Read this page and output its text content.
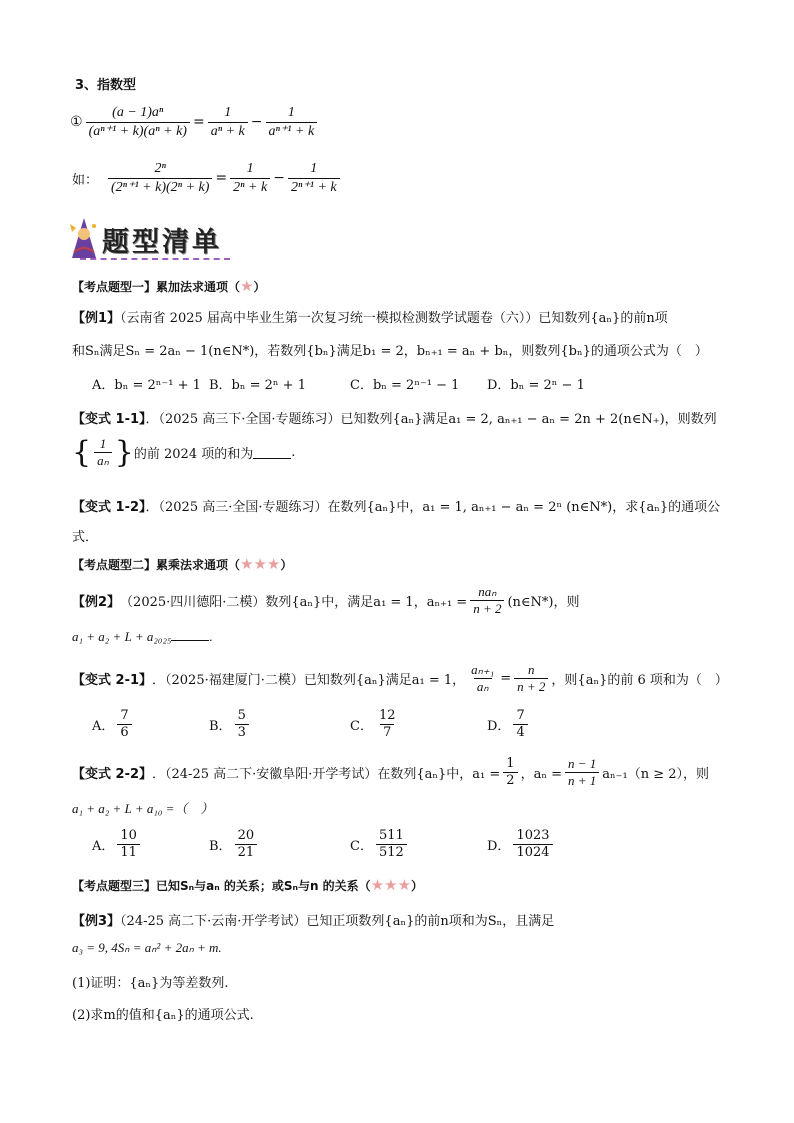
3、指数型
① $\frac{\text{(a − 1)aⁿ}}{\text{(aⁿ⁺¹ + k)(aⁿ + k)}} = \frac{1}{\text{aⁿ + k}} - \frac{1}{\text{aⁿ⁺¹ + k}}$
如： $\frac{\text{2ⁿ}}{\text{(2ⁿ⁺¹ + k)(2ⁿ + k)}} = \frac{1}{\text{2ⁿ + k}} - \frac{1}{\text{2ⁿ⁺¹ + k}}$
题型清单
【考点题型一】累加法求通项（★）
【例1】（云南省 2025 届高中毕业生第一次复习统一模拟检测数学试题卷（六））已知数列{aₙ}的前n项
和Sₙ满足Sₙ = 2aₙ − 1(n∈N*)，若数列{bₙ}满足b₁ = 2，bₙ₊₁ = aₙ + bₙ，则数列{bₙ}的通项公式为（　）
A．bₙ = 2ⁿ⁻¹ + 1 B．bₙ = 2ⁿ + 1	C．bₙ = 2ⁿ⁻¹ − 1 D．bₙ = 2ⁿ − 1
【变式 1-1】．（2025 高三下·全国·专题练习）已知数列{aₙ}满足a₁ = 2, aₙ₊₁ − aₙ = 2n + 2(n∈N₊)，则数列
{ $\frac{1}{\text{aₙ}}$ } 的前 2024 项的和为	.
【变式 1-2】．（2025 高三·全国·专题练习）在数列{aₙ}中，a₁ = 1, aₙ₊₁ − aₙ = 2ⁿ (n∈N*)，求{aₙ}的通项公
式．
【考点题型二】累乘法求通项（★★★）
【例2】 （2025·四川德阳·二模）数列{aₙ}中，满足a₁ = 1，$a_{n+1} = \frac{\text{naₙ}}{n + 2}$ (n∈N*)，则
a₁ + a₂ + L + a₂₀₂₅	.
【变式 2-1】 ．（2025·福建厦门·二模）已知数列{aₙ}满足a₁ = 1， $\frac{\text{aₙ₊₁}}{\text{aₙ}} = \frac{n}{n + 2}$ ，则{aₙ}的前 6 项和为（　）
A． $\frac{7}{6}$	B． $\frac{5}{3}$	C． $\frac{12}{7}$	D． $\frac{7}{4}$
【变式 2-2】 ．（24-25 高二下·安徽阜阳·开学考试）在数列{aₙ}中，$a_1 = \frac{1}{2}$ ，$a_n = \frac{n - 1}{n + 1} a_{n-1}(n \ge 2)$，则
a₁ + a₂ + L + a₁₀ =（　）
A． $\frac{10}{11}$	B． $\frac{20}{21}$	C． $\frac{511}{512}$	D． $\frac{1023}{1024}$
【考点题型三】已知Sₙ与aₙ 的关系；或Sₙ与n 的关系（★★★）
【例3】（24-25 高二下·云南·开学考试）已知正项数列{aₙ}的前n项和为Sₙ，且满足
a₃ = 9, 4Sₙ = aₙ² + 2aₙ + m.
(1)证明：{aₙ}为等差数列.
(2)求m的值和{aₙ}的通项公式.
